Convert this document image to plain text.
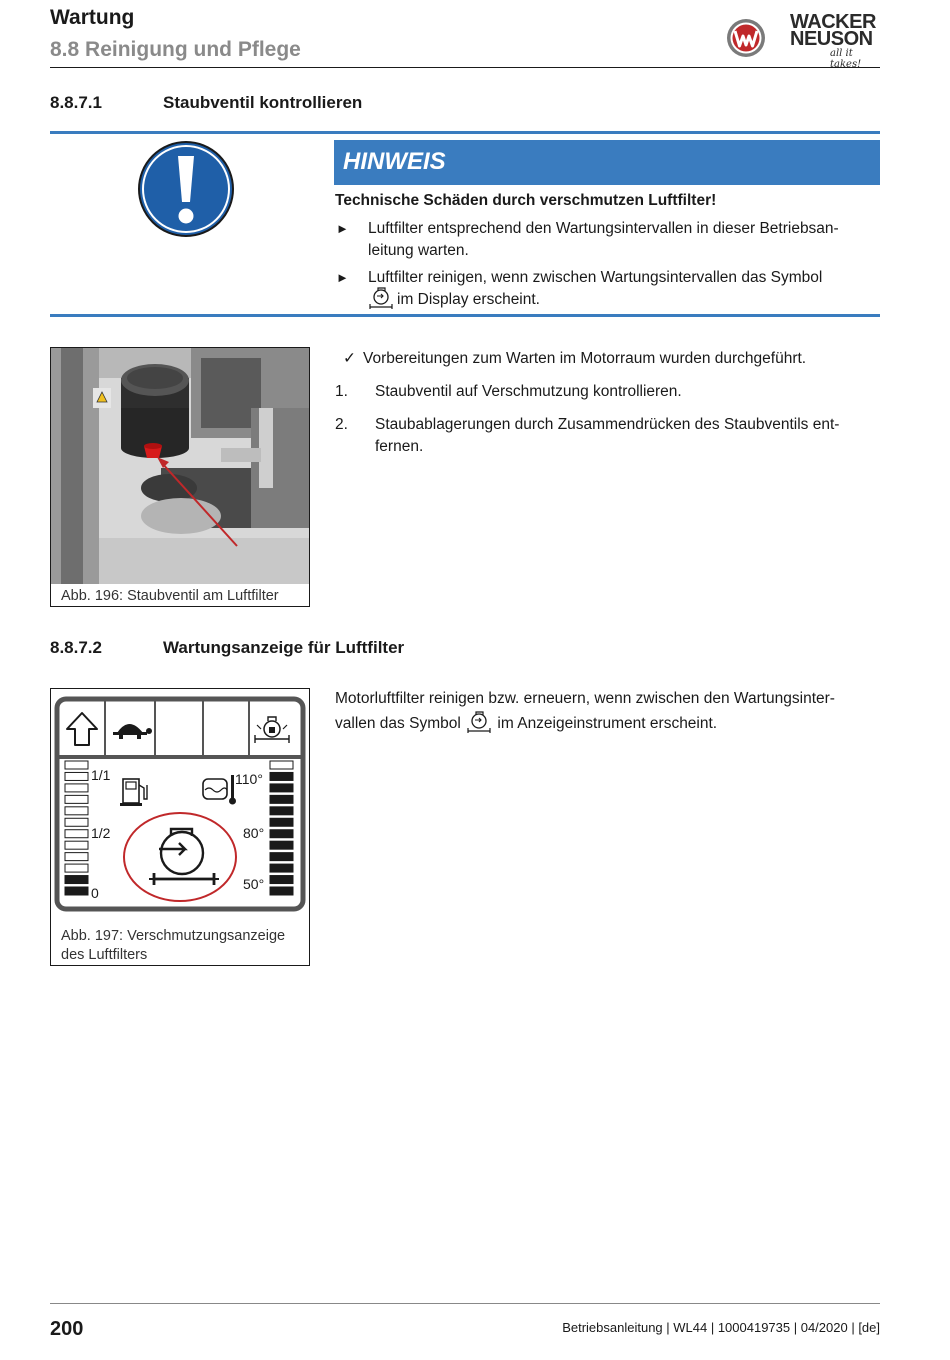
Wartung
8.8 Reinigung und Pflege
WACKER
NEUSON
all it takes!
8.8.7.1	Staubventil kontrollieren
HINWEIS
Technische Schäden durch verschmutzen Luftfilter!
► Luftfilter entsprechend den Wartungsintervallen in dieser Betriebsan-
leitung warten.
► Luftfilter reinigen, wenn zwischen Wartungsintervallen das Symbol
im Display erscheint.
Abb. 196: Staubventil am Luftfilter
✓ Vorbereitungen zum Warten im Motorraum wurden durchgeführt.
1. Staubventil auf Verschmutzung kontrollieren.
2. Staubablagerungen durch Zusammendrücken des Staubventils ent-
fernen.
8.8.7.2	Wartungsanzeige für Luftfilter
1/1
1/2
0
110°
80°
50°
Abb. 197: Verschmutzungsanzeige
des Luftfilters
Motorluftfilter reinigen bzw. erneuern, wenn zwischen den Wartungsinter-
vallen das Symbol im Anzeigeinstrument erscheint.
200	Betriebsanleitung | WL44 | 1000419735 | 04/2020 | [de]
